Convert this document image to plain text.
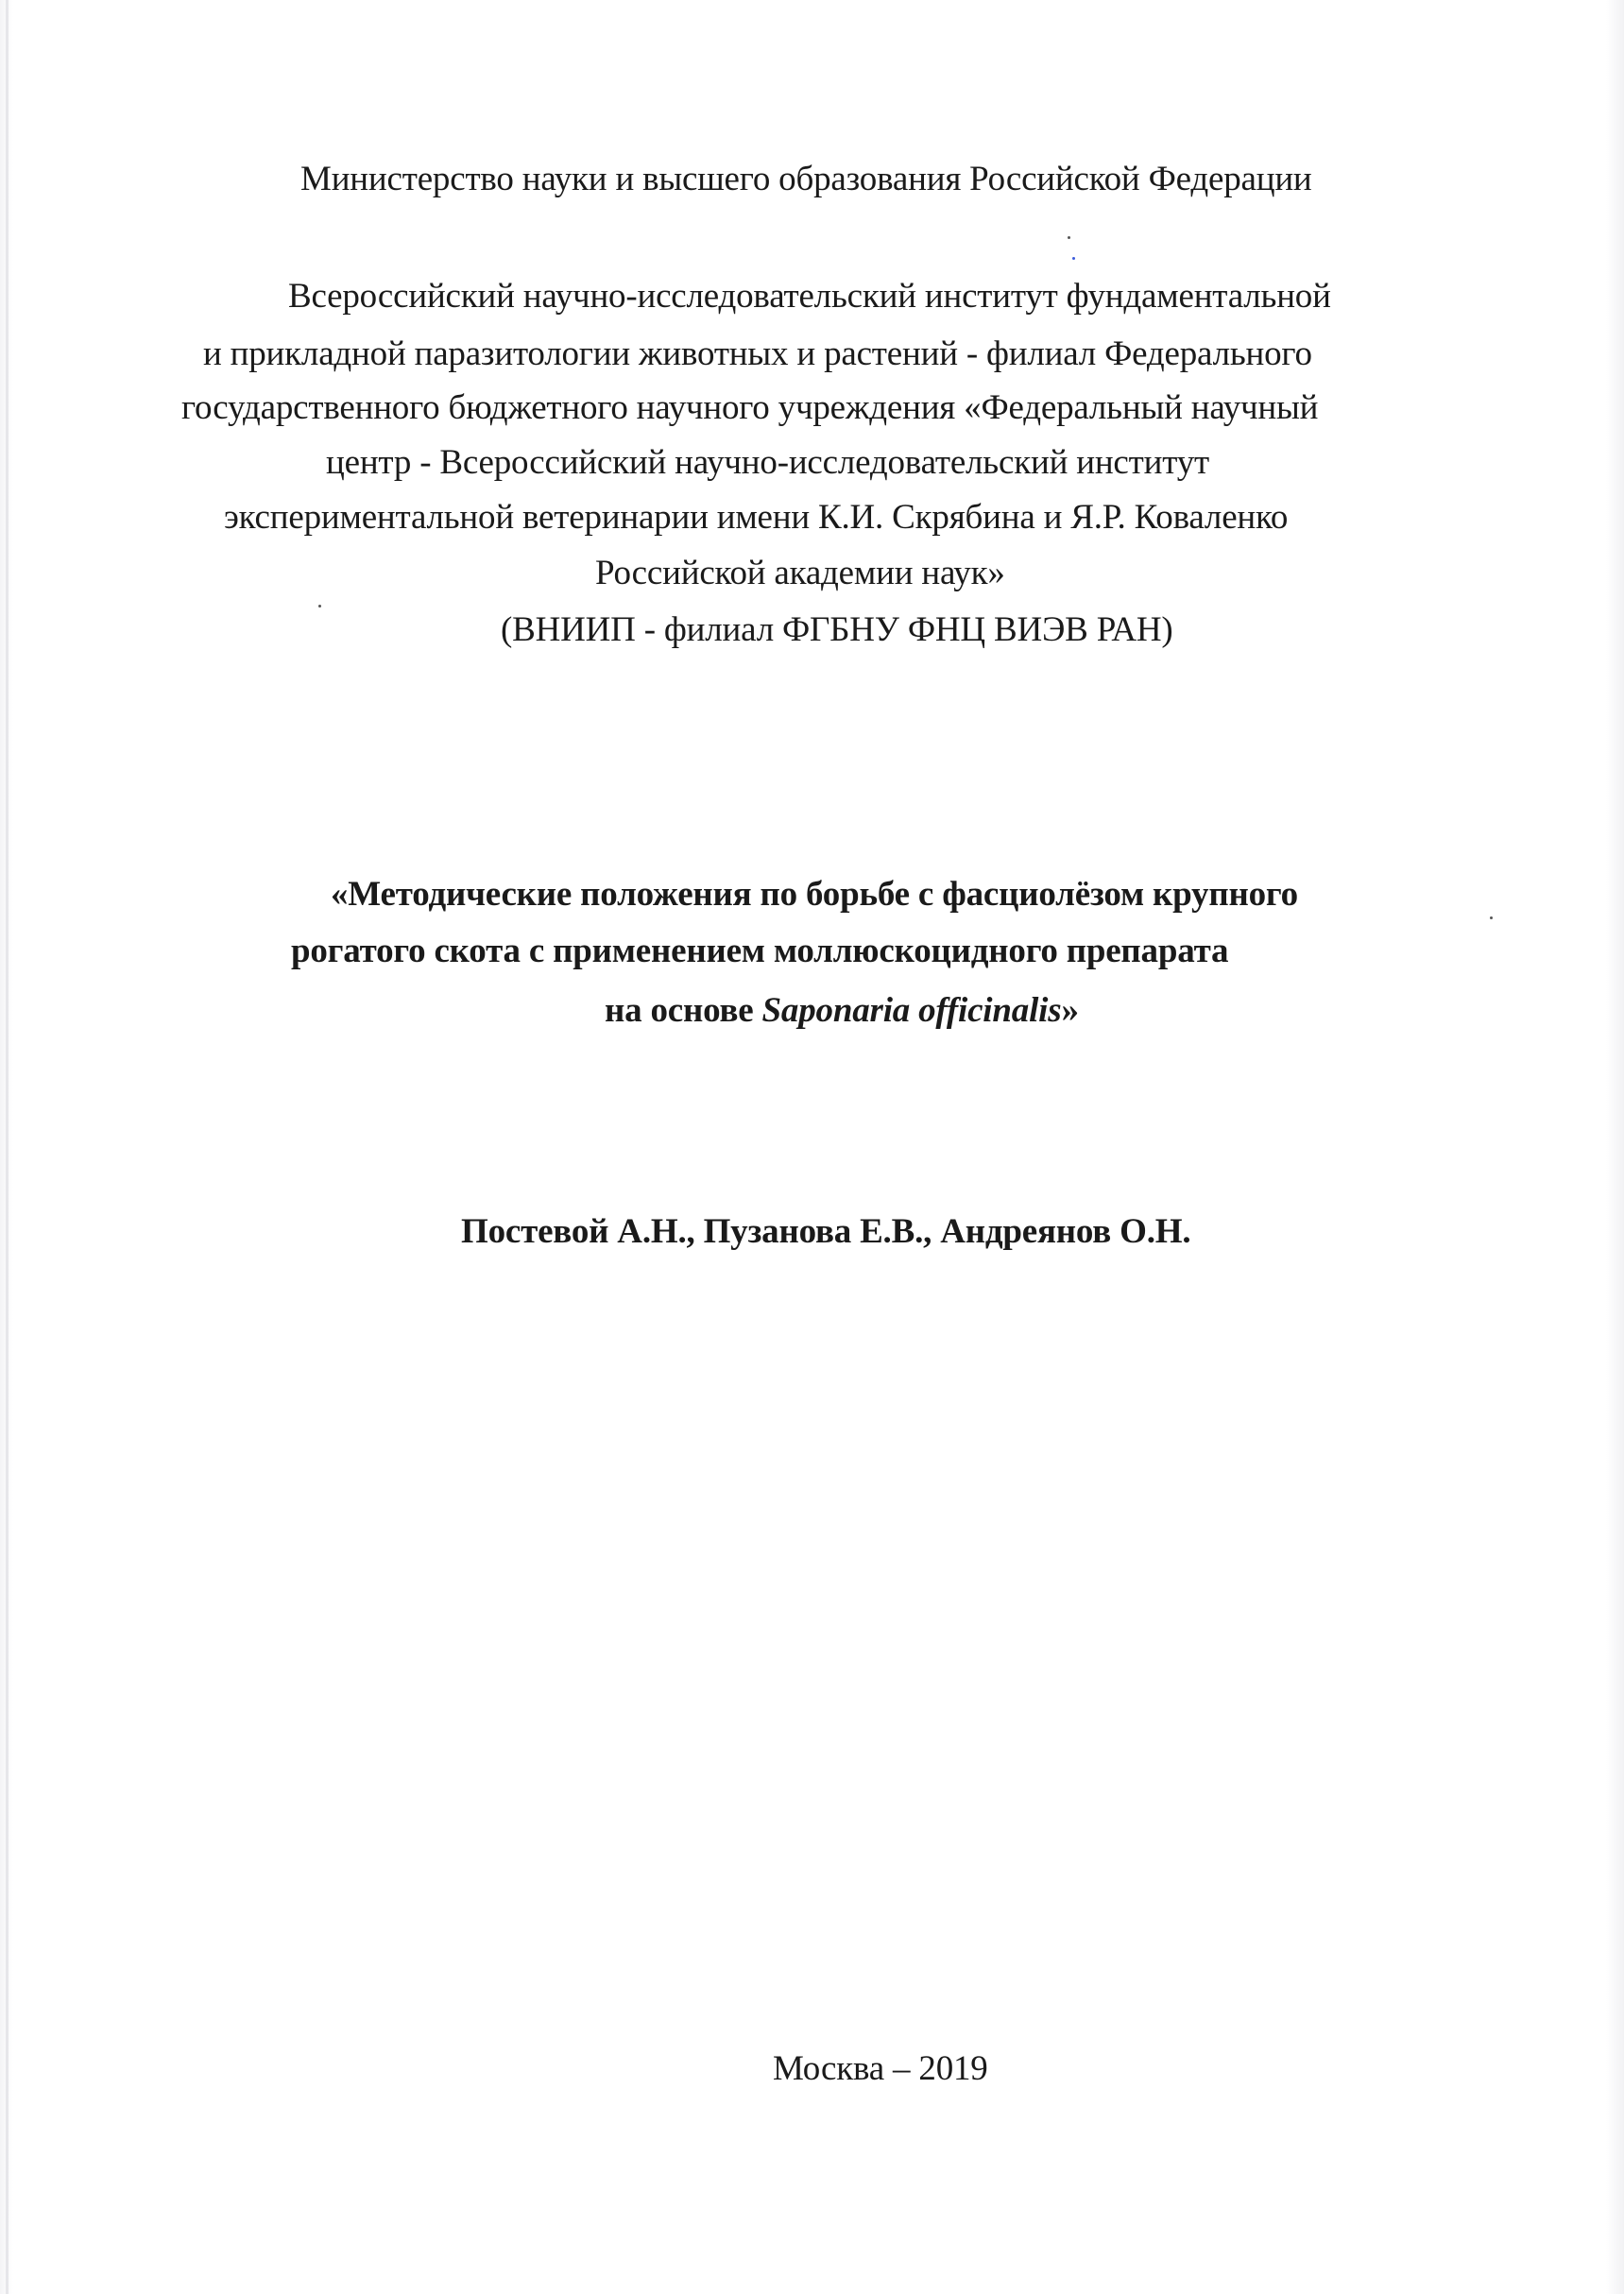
Министерство науки и высшего образования Российской Федерации
Всероссийский научно-исследовательский институт фундаментальной
и прикладной паразитологии животных и растений - филиал Федерального
государственного бюджетного научного учреждения «Федеральный научный
центр - Всероссийский научно-исследовательский институт
экспериментальной ветеринарии имени К.И. Скрябина и Я.Р. Коваленко
Российской академии наук»
(ВНИИП - филиал ФГБНУ ФНЦ ВИЭВ РАН)
«Методические положения по борьбе с фасциолёзом крупного
рогатого скота с применением моллюскоцидного препарата
на основе Saponaria officinalis»
Постевой А.Н., Пузанова Е.В., Андреянов О.Н.
Москва – 2019
